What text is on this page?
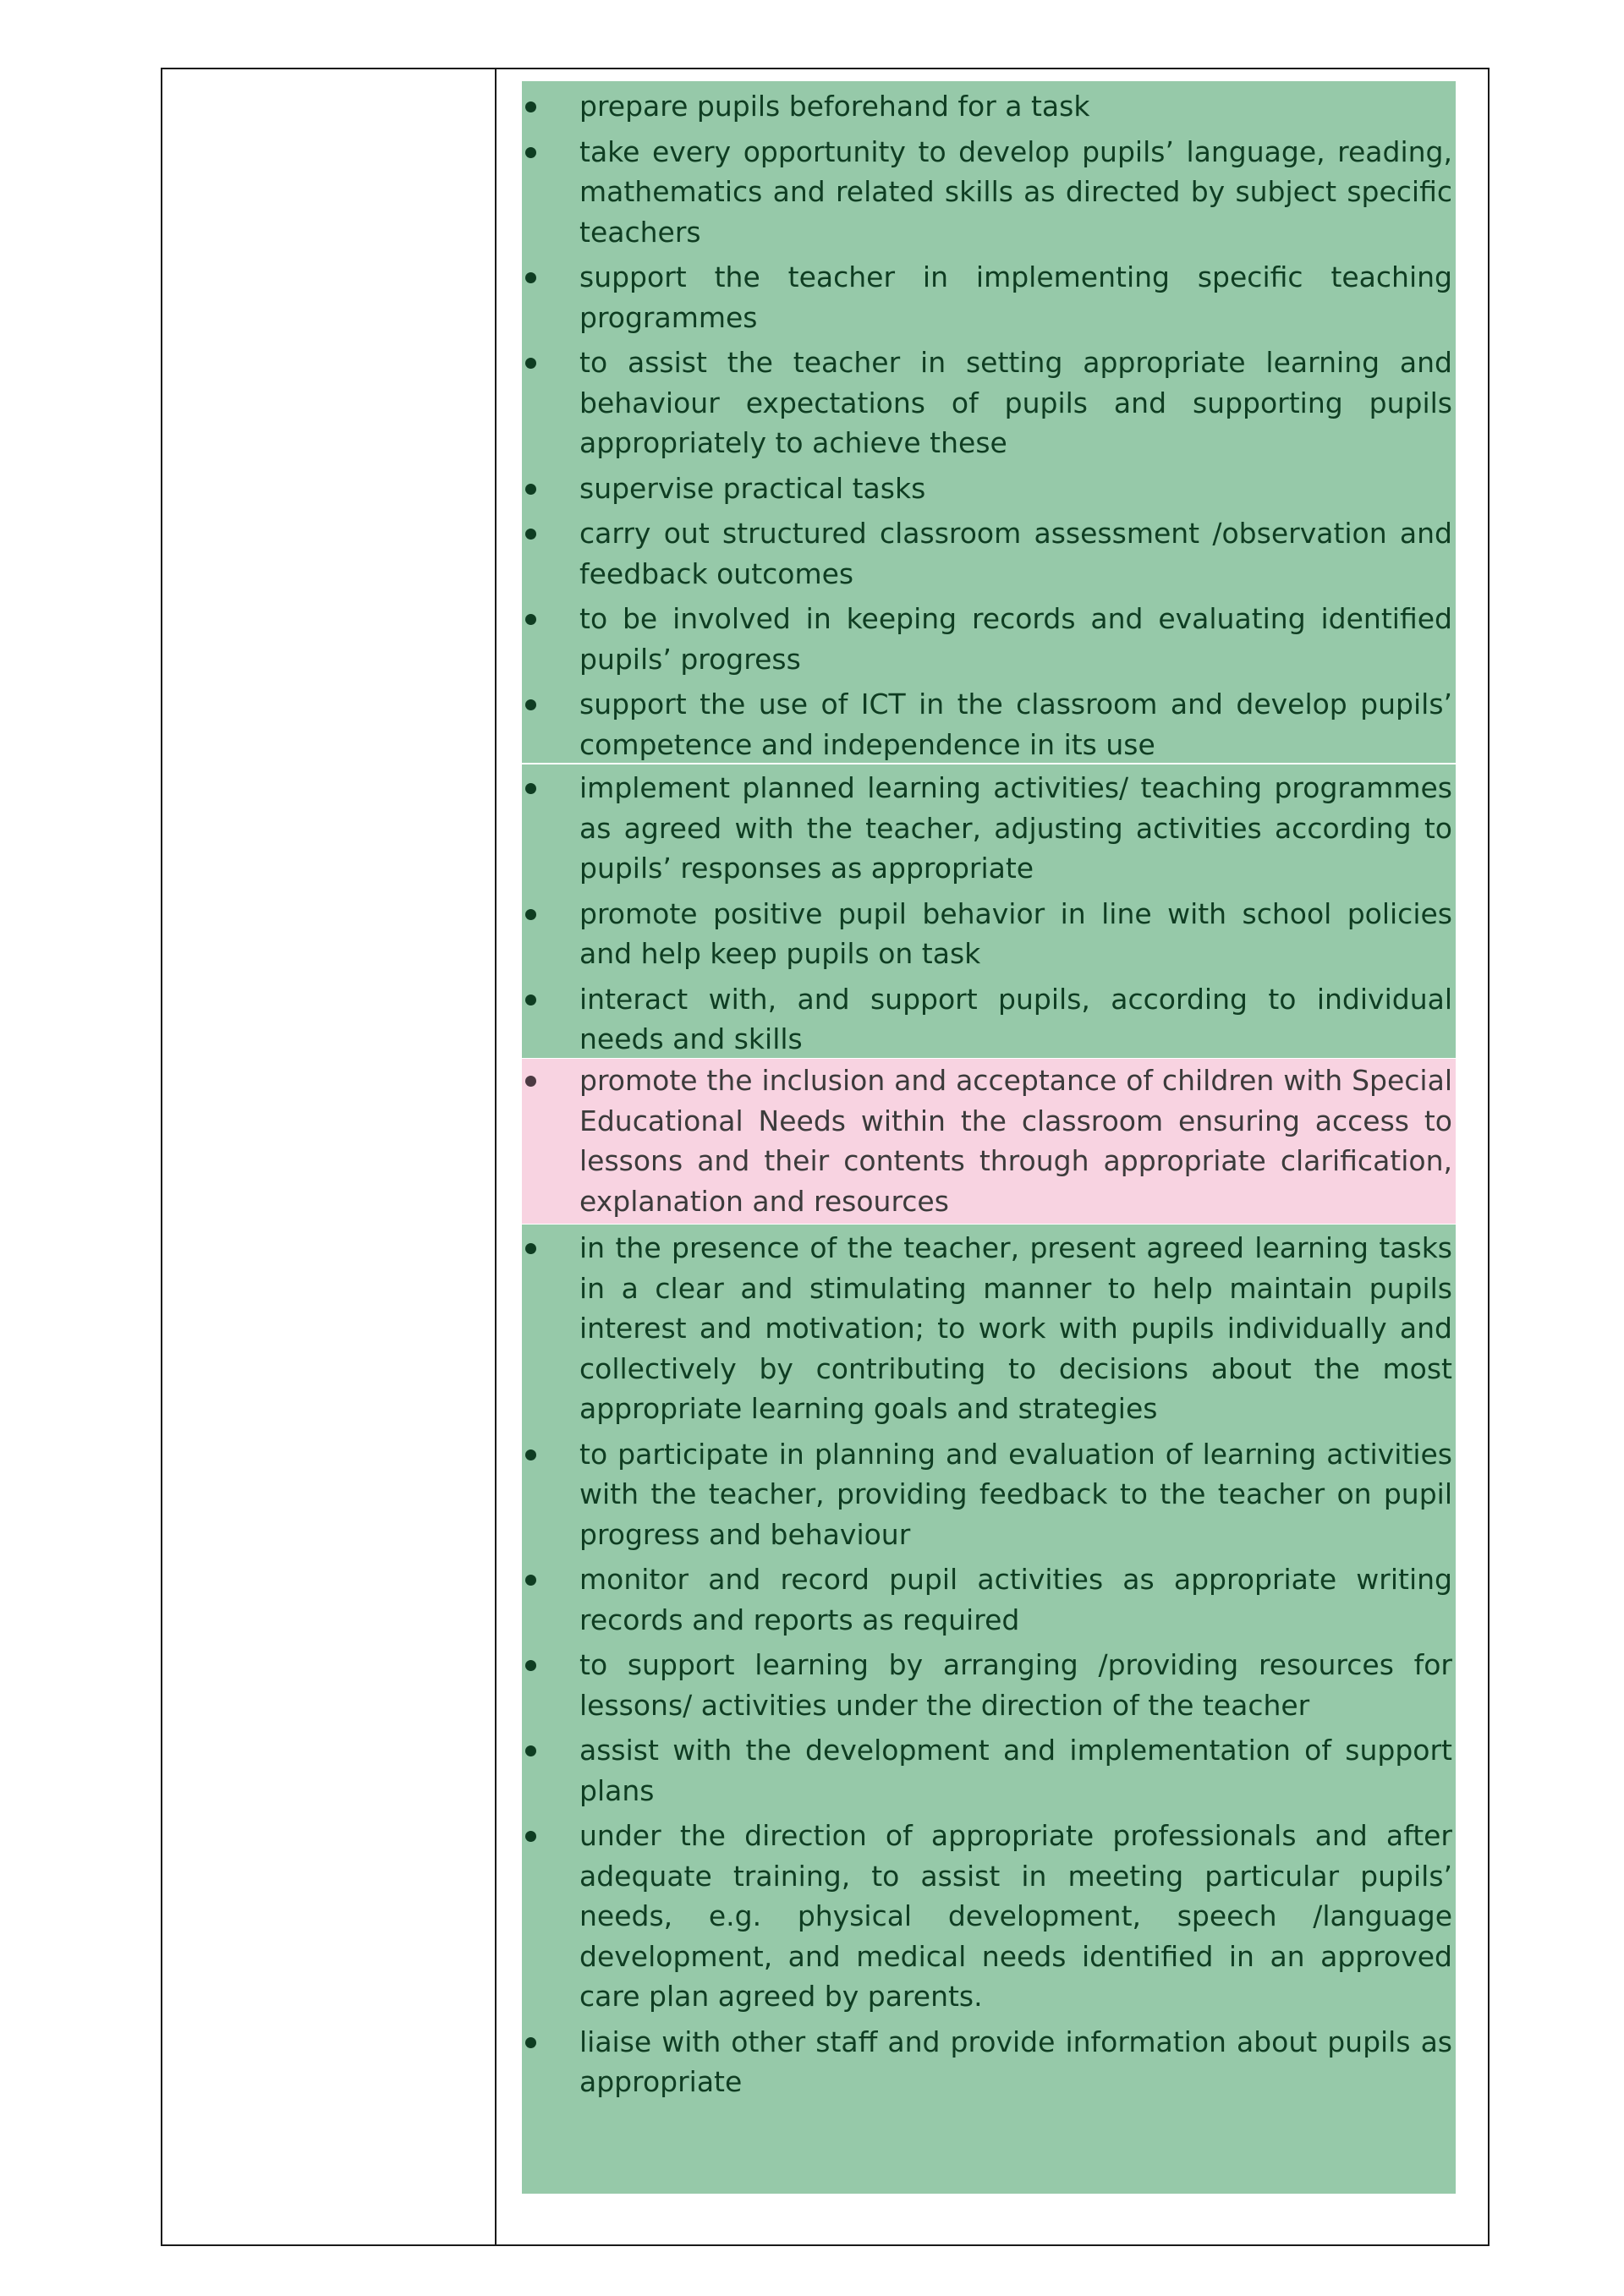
prepare pupils beforehand for a task
take every opportunity to develop pupils’ language, reading, mathematics and related skills as directed by subject specific teachers
support the teacher in implementing specific teaching programmes
to assist the teacher in setting appropriate learning and behaviour expectations of pupils and supporting pupils appropriately to achieve these
supervise practical tasks
carry out structured classroom assessment /observation and feedback outcomes
to be involved in keeping records and evaluating identified pupils’ progress
support the use of ICT in the classroom and develop pupils’ competence and independence in its use
implement planned learning activities/ teaching programmes as agreed with the teacher, adjusting activities according to pupils’ responses as appropriate
promote positive pupil behavior in line with school policies and help keep pupils on task
interact with, and support pupils, according to individual needs and skills
promote the inclusion and acceptance of children with Special Educational Needs within the classroom ensuring access to lessons and their contents through appropriate clarification, explanation and resources
in the presence of the teacher, present agreed learning tasks in a clear and stimulating manner to help maintain pupils interest and motivation; to work with pupils individually and collectively by contributing to decisions about the most appropriate learning goals and strategies
to participate in planning and evaluation of learning activities with the teacher, providing feedback to the teacher on pupil progress and behaviour
monitor and record pupil activities as appropriate writing records and reports as required
to support learning by arranging /providing resources for lessons/ activities under the direction of the teacher
assist with the development and implementation of support plans
under the direction of appropriate professionals and after adequate training, to assist in meeting particular pupils’ needs, e.g. physical development, speech /language development, and medical needs identified in an approved care plan agreed by parents.
liaise with other staff and provide information about pupils as appropriate
